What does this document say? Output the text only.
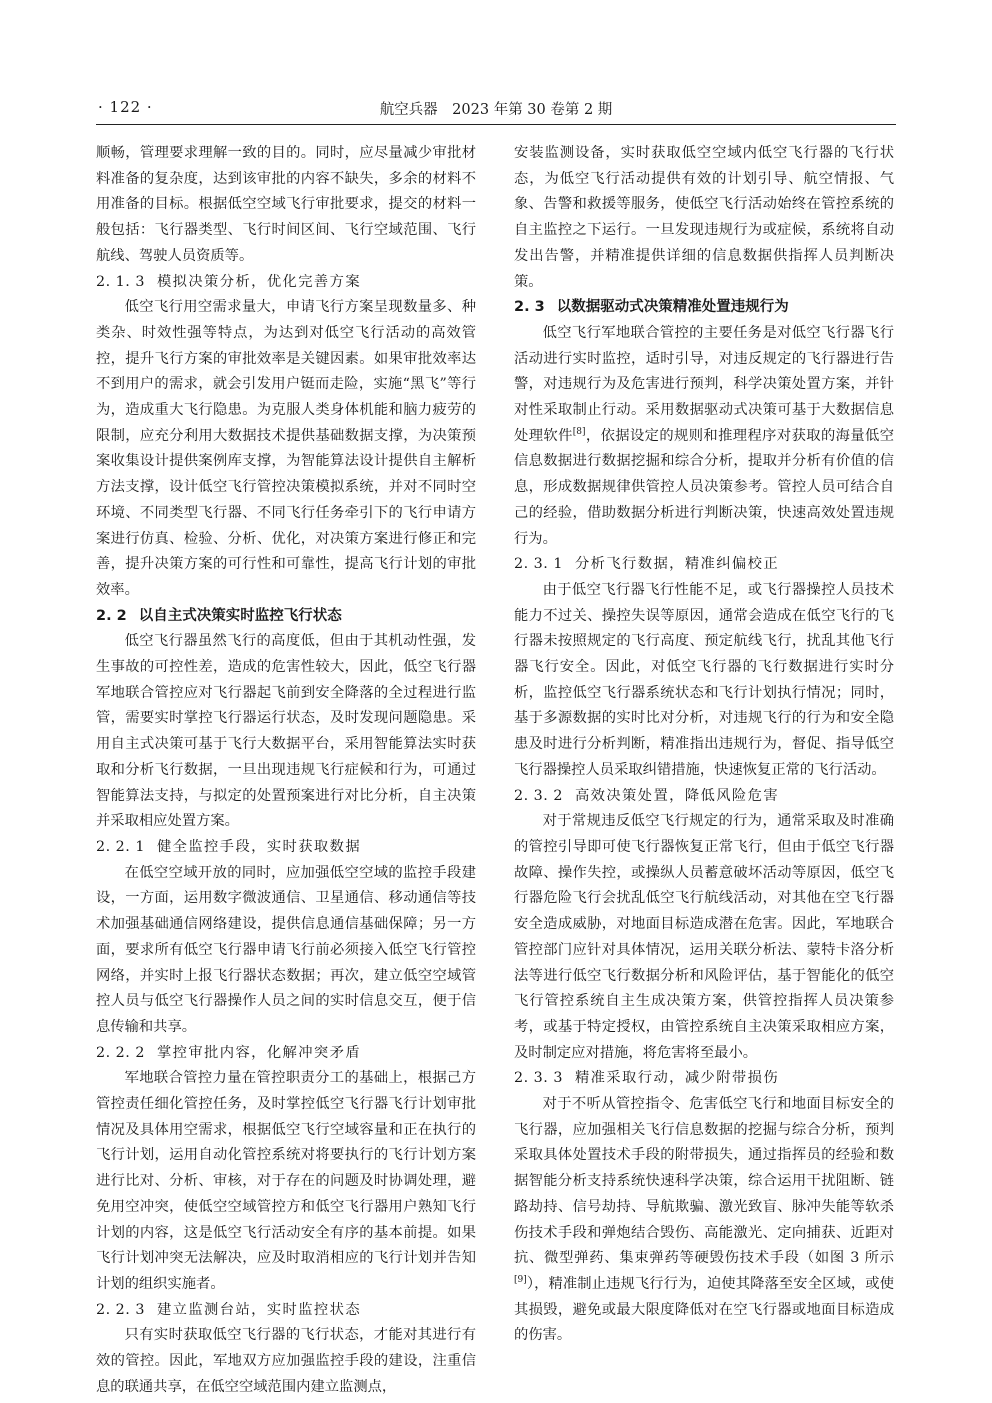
· 122 ·	航空兵器　2023 年第 30 卷第 2 期

顺畅，管理要求理解一致的目的。同时，应尽量减少审批材料准备的复杂度，达到该审批的内容不缺失，多余的材料不用准备的目标。根据低空空域飞行审批要求，提交的材料一般包括：飞行器类型、飞行时间区间、飞行空域范围、飞行航线、驾驶人员资质等。

2. 1. 3 模拟决策分析，优化完善方案

低空飞行用空需求量大，申请飞行方案呈现数量多、种类杂、时效性强等特点，为达到对低空飞行活动的高效管控，提升飞行方案的审批效率是关键因素。如果审批效率达不到用户的需求，就会引发用户铤而走险，实施“黑飞”等行为，造成重大飞行隐患。为克服人类身体机能和脑力疲劳的限制，应充分利用大数据技术提供基础数据支撑，为决策预案收集设计提供案例库支撑，为智能算法设计提供自主解析方法支撑，设计低空飞行管控决策模拟系统，并对不同时空环境、不同类型飞行器、不同飞行任务牵引下的飞行申请方案进行仿真、检验、分析、优化，对决策方案进行修正和完善，提升决策方案的可行性和可靠性，提高飞行计划的审批效率。

2. 2 以自主式决策实时监控飞行状态

低空飞行器虽然飞行的高度低，但由于其机动性强，发生事故的可控性差，造成的危害性较大，因此，低空飞行器军地联合管控应对飞行器起飞前到安全降落的全过程进行监管，需要实时掌控飞行器运行状态，及时发现问题隐患。采用自主式决策可基于飞行大数据平台，采用智能算法实时获取和分析飞行数据，一旦出现违规飞行症候和行为，可通过智能算法支持，与拟定的处置预案进行对比分析，自主决策并采取相应处置方案。

2. 2. 1 健全监控手段，实时获取数据

在低空空域开放的同时，应加强低空空域的监控手段建设，一方面，运用数字微波通信、卫星通信、移动通信等技术加强基础通信网络建设，提供信息通信基础保障；另一方面，要求所有低空飞行器申请飞行前必须接入低空飞行管控网络，并实时上报飞行器状态数据；再次，建立低空空域管控人员与低空飞行器操作人员之间的实时信息交互，便于信息传输和共享。

2. 2. 2 掌控审批内容，化解冲突矛盾

军地联合管控力量在管控职责分工的基础上，根据己方管控责任细化管控任务，及时掌控低空飞行器飞行计划审批情况及具体用空需求，根据低空飞行空域容量和正在执行的飞行计划，运用自动化管控系统对将要执行的飞行计划方案进行比对、分析、审核，对于存在的问题及时协调处理，避免用空冲突，使低空空域管控方和低空飞行器用户熟知飞行计划的内容，这是低空飞行活动安全有序的基本前提。如果飞行计划冲突无法解决，应及时取消相应的飞行计划并告知计划的组织实施者。

2. 2. 3 建立监测台站，实时监控状态

只有实时获取低空飞行器的飞行状态，才能对其进行有效的管控。因此，军地双方应加强监控手段的建设，注重信息的联通共享，在低空空域范围内建立监测点，

安装监测设备，实时获取低空空域内低空飞行器的飞行状态，为低空飞行活动提供有效的计划引导、航空情报、气象、告警和救援等服务，使低空飞行活动始终在管控系统的自主监控之下运行。一旦发现违规行为或症候，系统将自动发出告警，并精准提供详细的信息数据供指挥人员判断决策。

2. 3 以数据驱动式决策精准处置违规行为

低空飞行军地联合管控的主要任务是对低空飞行器飞行活动进行实时监控，适时引导，对违反规定的飞行器进行告警，对违规行为及危害进行预判，科学决策处置方案，并针对性采取制止行动。采用数据驱动式决策可基于大数据信息处理软件[8]，依据设定的规则和推理程序对获取的海量低空信息数据进行数据挖掘和综合分析，提取并分析有价值的信息，形成数据规律供管控人员决策参考。管控人员可结合自己的经验，借助数据分析进行判断决策，快速高效处置违规行为。

2. 3. 1 分析飞行数据，精准纠偏校正

由于低空飞行器飞行性能不足，或飞行器操控人员技术能力不过关、操控失误等原因，通常会造成在低空飞行的飞行器未按照规定的飞行高度、预定航线飞行，扰乱其他飞行器飞行安全。因此，对低空飞行器的飞行数据进行实时分析，监控低空飞行器系统状态和飞行计划执行情况；同时，基于多源数据的实时比对分析，对违规飞行的行为和安全隐患及时进行分析判断，精准指出违规行为，督促、指导低空飞行器操控人员采取纠错措施，快速恢复正常的飞行活动。

2. 3. 2 高效决策处置，降低风险危害

对于常规违反低空飞行规定的行为，通常采取及时准确的管控引导即可使飞行器恢复正常飞行，但由于低空飞行器故障、操作失控，或操纵人员蓄意破坏活动等原因，低空飞行器危险飞行会扰乱低空飞行航线活动，对其他在空飞行器安全造成威胁，对地面目标造成潜在危害。因此，军地联合管控部门应针对具体情况，运用关联分析法、蒙特卡洛分析法等进行低空飞行数据分析和风险评估，基于智能化的低空飞行管控系统自主生成决策方案，供管控指挥人员决策参考，或基于特定授权，由管控系统自主决策采取相应方案，及时制定应对措施，将危害将至最小。

2. 3. 3 精准采取行动，减少附带损伤

对于不听从管控指令、危害低空飞行和地面目标安全的飞行器，应加强相关飞行信息数据的挖掘与综合分析，预判采取具体处置技术手段的附带损失，通过指挥员的经验和数据智能分析支持系统快速科学决策，综合运用干扰阻断、链路劫持、信号劫持、导航欺骗、激光致盲、脉冲失能等软杀伤技术手段和弹炮结合毁伤、高能激光、定向捕获、近距对抗、微型弹药、集束弹药等硬毁伤技术手段（如图 3 所示[9]），精准制止违规飞行行为，迫使其降落至安全区域，或使其损毁，避免或最大限度降低对在空飞行器或地面目标造成的伤害。
